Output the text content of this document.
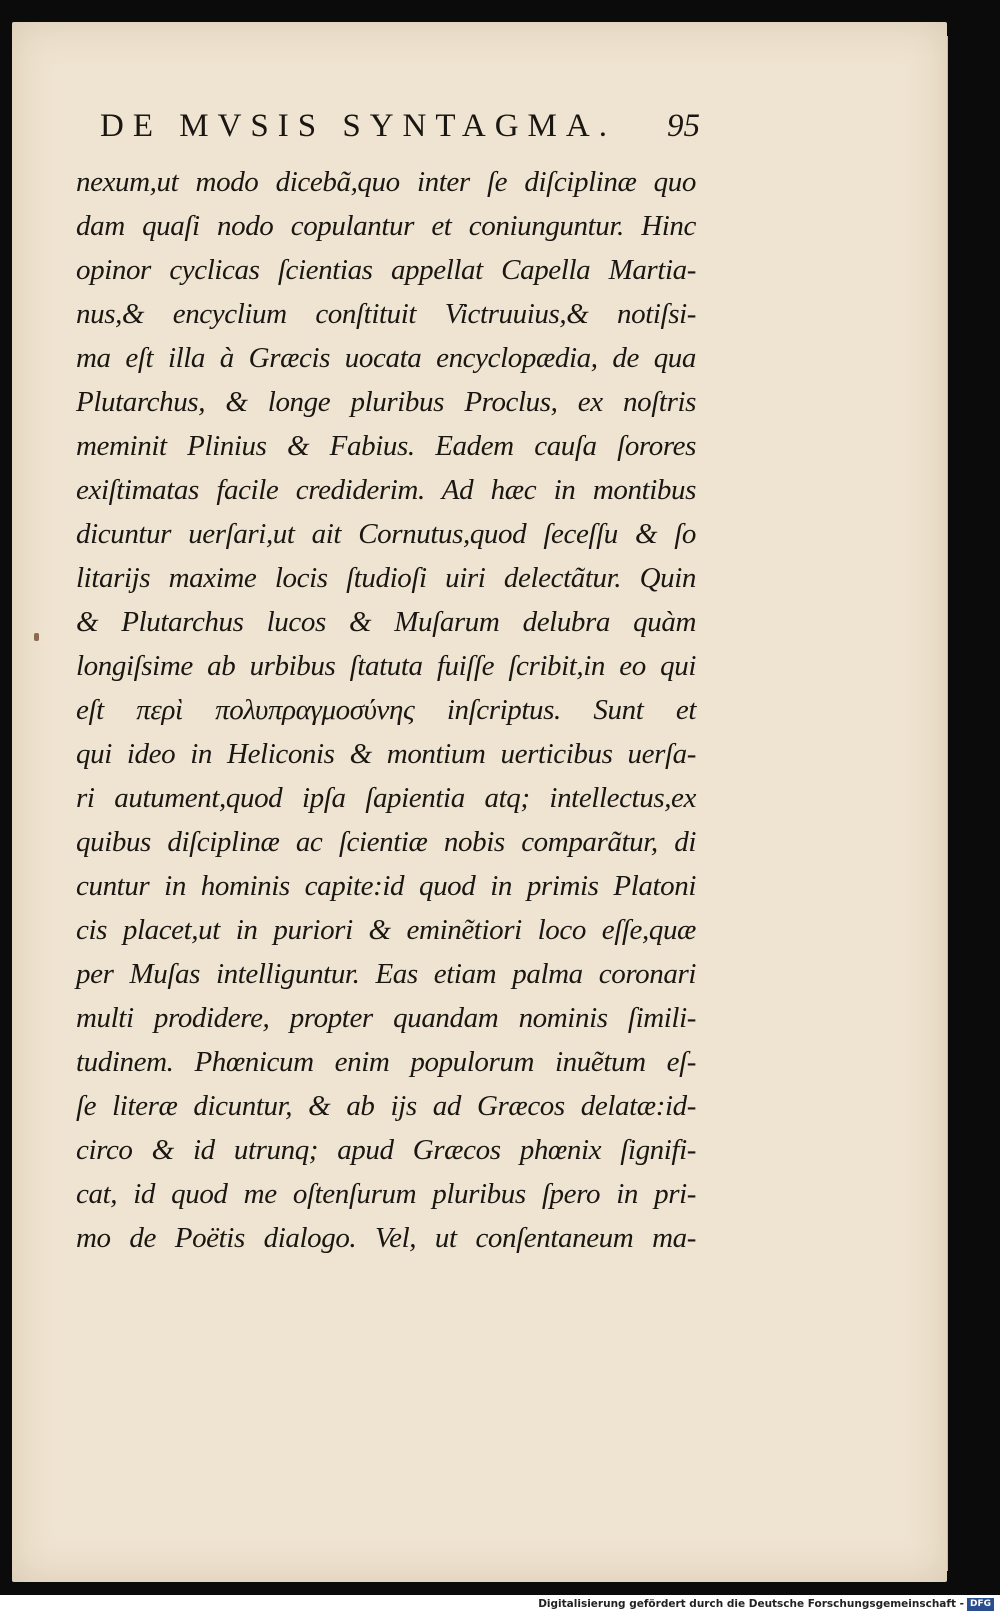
DE MVSIS SYNTAGMA. 95
nexum,ut modo dicebã,quo inter ſe diſciplinæ quo
dam quaſi nodo copulantur et coniunguntur. Hinc
opinor cyclicas ſcientias appellat Capella Martia-
nus,& encyclium conſtituit Victruuius,& notiſsi-
ma eſt illa à Græcis uocata encyclopædia, de qua
Plutarchus, & longe pluribus Proclus, ex noſtris
meminit Plinius & Fabius. Eadem cauſa ſorores
exiſtimatas facile crediderim. Ad hæc in montibus
dicuntur uerſari,ut ait Cornutus,quod ſeceſſu & ſo
litarijs maxime locis ſtudioſi uiri delectãtur. Quin
& Plutarchus lucos & Muſarum delubra quàm
longiſsime ab urbibus ſtatuta fuiſſe ſcribit,in eo qui
eſt περὶ πολυπραγμοσύνης inſcriptus. Sunt et
qui ideo in Heliconis & montium uerticibus uerſa-
ri autument,quod ipſa ſapientia atq; intellectus,ex
quibus diſciplinæ ac ſcientiæ nobis comparãtur, di
cuntur in hominis capite:id quod in primis Platoni
cis placet,ut in puriori & eminẽtiori loco eſſe,quæ
per Muſas intelliguntur. Eas etiam palma coronari
multi prodidere, propter quandam nominis ſimili-
tudinem. Phœnicum enim populorum inuẽtum eſ-
ſe literæ dicuntur, & ab ijs ad Græcos delatæ:id-
circo & id utrunq; apud Græcos phœnix ſignifi-
cat, id quod me oſtenſurum pluribus ſpero in pri-
mo de Poëtis dialogo. Vel, ut conſentaneum ma-
Digitalisierung gefördert durch die Deutsche Forschungsgemeinschaft - DFG
